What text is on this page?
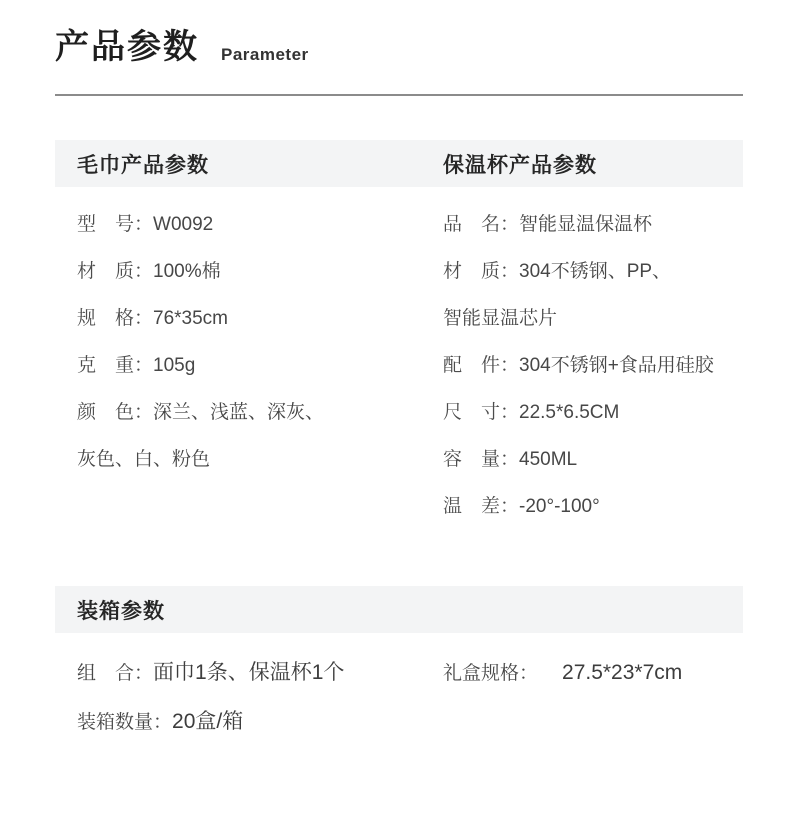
产品参数 Parameter
毛巾产品参数	保温杯产品参数
型　号：W0092
材　质：100%棉
规　格：76*35cm
克　重：105g
颜　色：深兰、浅蓝、深灰、
灰色、白、粉色
品　名：智能显温保温杯
材　质：304不锈钢、PP、
智能显温芯片
配　件：304不锈钢+食品用硅胶
尺　寸：22.5*6.5CM
容　量：450ML
温　差：-20°-100°
装箱参数
组　合：面巾1条、保温杯1个	礼盒规格： 27.5*23*7cm
装箱数量：20盒/箱
